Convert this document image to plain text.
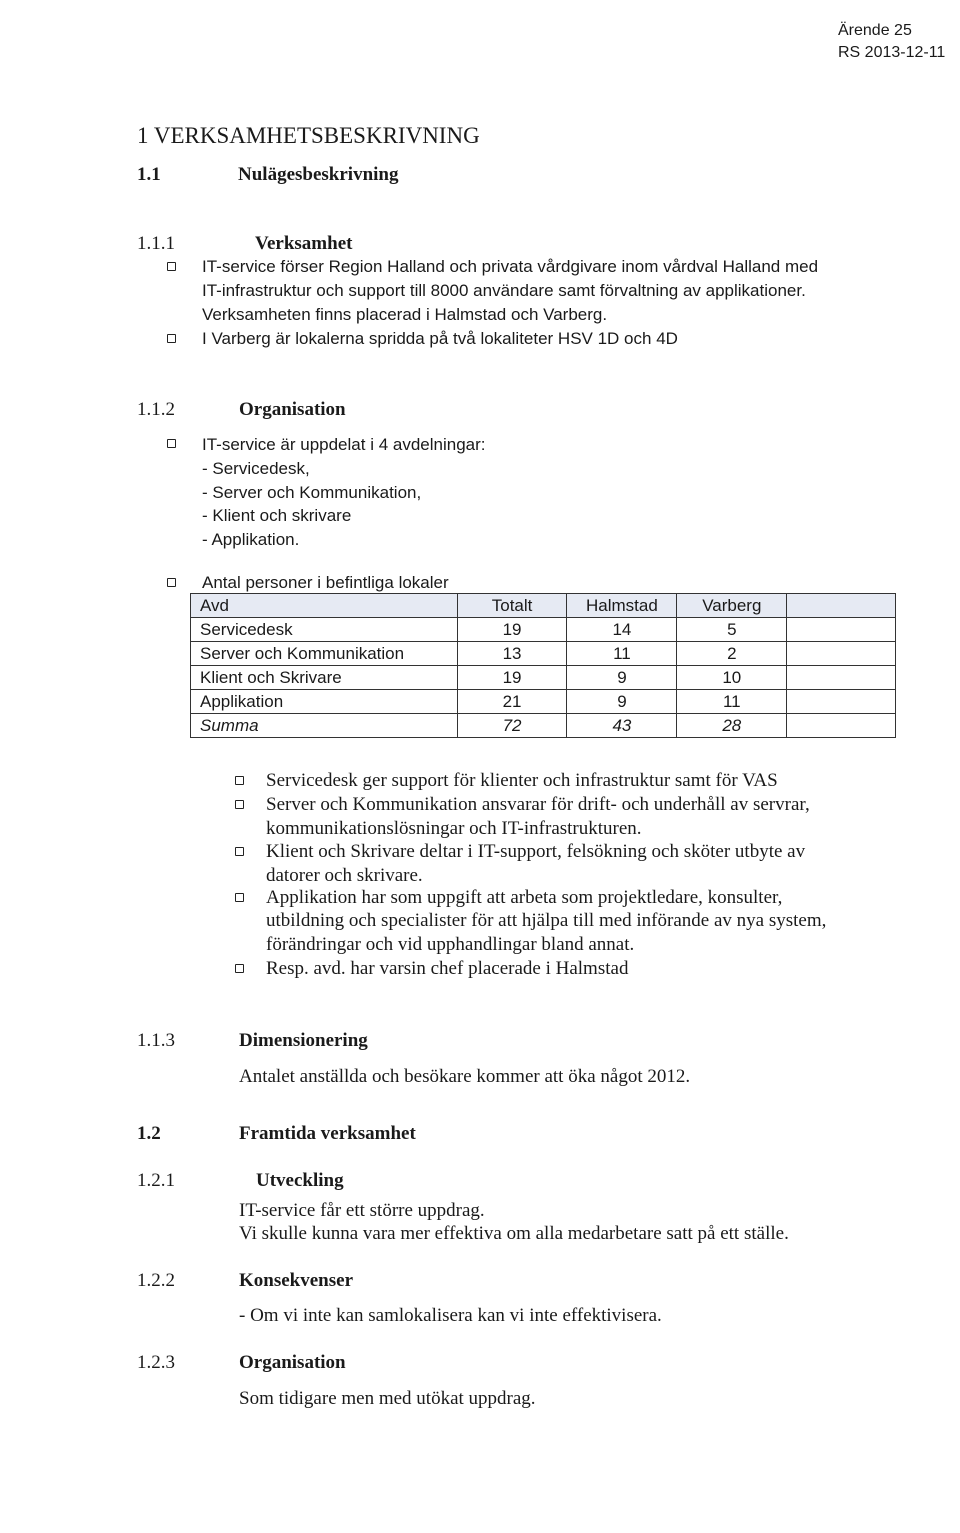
Ärende 25
RS 2013-12-11
1 VERKSAMHETSBESKRIVNING
1.1	Nulägesbeskrivning
1.1.1	Verksamhet
IT-service förser Region Halland och privata vårdgivare inom vårdval Halland med
IT-infrastruktur och support till 8000 användare samt förvaltning av applikationer.
Verksamheten finns placerad i Halmstad och Varberg.
I Varberg är lokalerna spridda på två lokaliteter HSV 1D och 4D
1.1.2	Organisation
IT-service är uppdelat i 4 avdelningar:
- Servicedesk,
- Server och Kommunikation,
- Klient och skrivare
- Applikation.
Antal personer i befintliga lokaler
Avd	Totalt	Halmstad	Varberg	
Servicedesk	19	14	5	
Server och Kommunikation	13	11	2	
Klient och Skrivare	19	9	10	
Applikation	21	9	11	
Summa	72	43	28	
Servicedesk ger support för klienter och infrastruktur samt för VAS
Server och Kommunikation ansvarar för drift- och underhåll av servrar,
kommunikationslösningar och IT-infrastrukturen.
Klient och Skrivare deltar i IT-support, felsökning och sköter utbyte av
datorer och skrivare.
Applikation har som uppgift att arbeta som projektledare, konsulter,
utbildning och specialister för att hjälpa till med införande av nya system,
förändringar och vid upphandlingar bland annat.
Resp. avd. har varsin chef placerade i Halmstad
1.1.3	Dimensionering
Antalet anställda och besökare kommer att öka något 2012.
1.2	Framtida verksamhet
1.2.1	Utveckling
IT-service får ett större uppdrag.
Vi skulle kunna vara mer effektiva om alla medarbetare satt på ett ställe.
1.2.2	Konsekvenser
- Om vi inte kan samlokalisera kan vi inte effektivisera.
1.2.3	Organisation
Som tidigare men med utökat uppdrag.
